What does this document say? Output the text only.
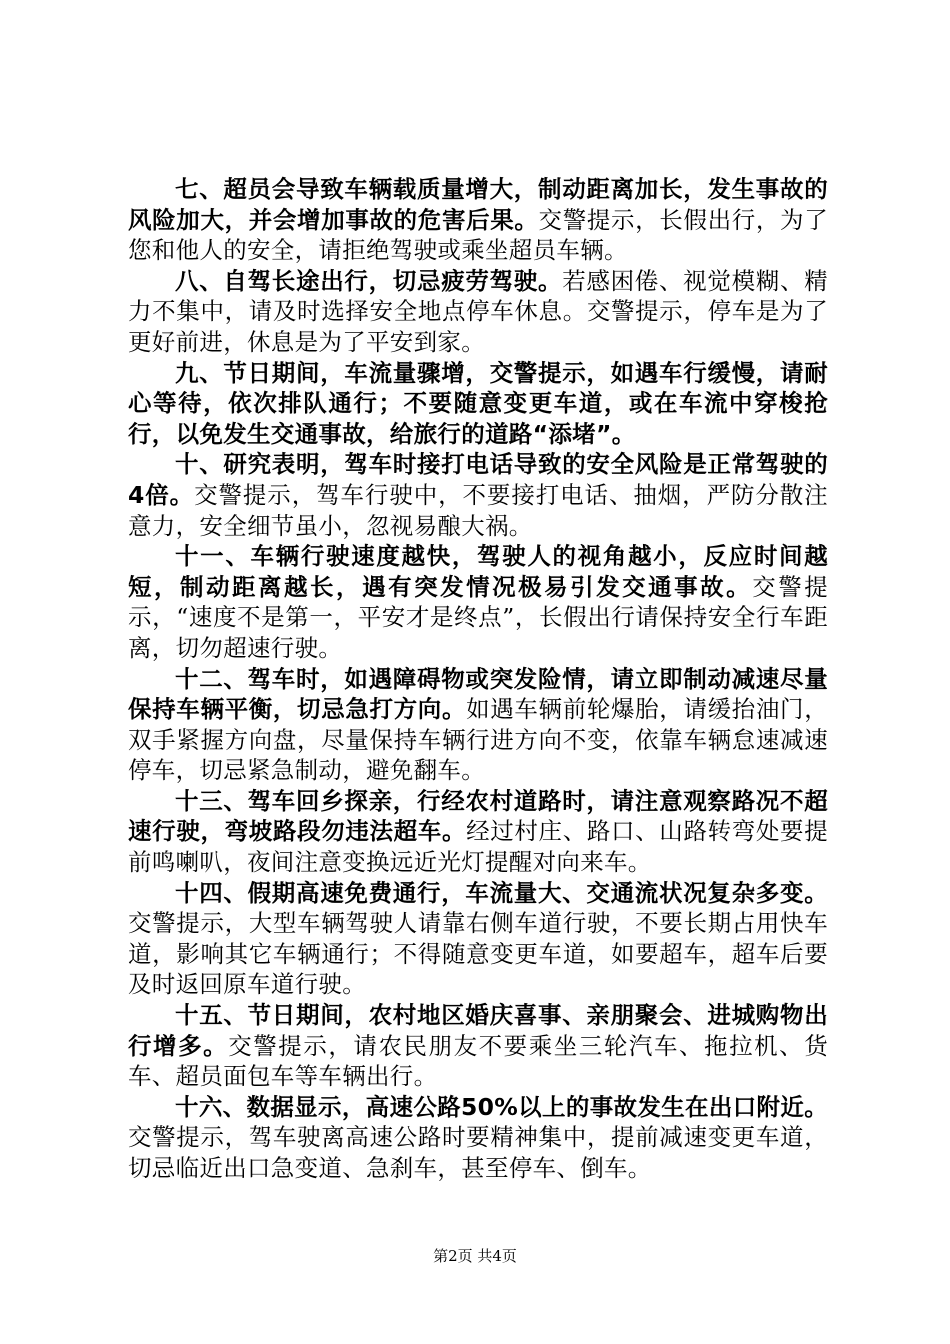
七、超员会导致车辆载质量增大，制动距离加长，发生事故的风险加大，并会增加事故的危害后果。交警提示，长假出行，为了您和他人的安全，请拒绝驾驶或乘坐超员车辆。

八、自驾长途出行，切忌疲劳驾驶。若感困倦、视觉模糊、精力不集中，请及时选择安全地点停车休息。交警提示，停车是为了更好前进，休息是为了平安到家。

九、节日期间，车流量骤增，交警提示，如遇车行缓慢，请耐心等待，依次排队通行；不要随意变更车道，或在车流中穿梭抢行，以免发生交通事故，给旅行的道路“添堵”。

十、研究表明，驾车时接打电话导致的安全风险是正常驾驶的4倍。交警提示，驾车行驶中，不要接打电话、抽烟，严防分散注意力，安全细节虽小，忽视易酿大祸。

十一、车辆行驶速度越快，驾驶人的视角越小，反应时间越短，制动距离越长，遇有突发情况极易引发交通事故。交警提示，“速度不是第一，平安才是终点”，长假出行请保持安全行车距离，切勿超速行驶。

十二、驾车时，如遇障碍物或突发险情，请立即制动减速尽量保持车辆平衡，切忌急打方向。如遇车辆前轮爆胎，请缓抬油门，双手紧握方向盘，尽量保持车辆行进方向不变，依靠车辆怠速减速停车，切忌紧急制动，避免翻车。

十三、驾车回乡探亲，行经农村道路时，请注意观察路况不超速行驶，弯坡路段勿违法超车。经过村庄、路口、山路转弯处要提前鸣喇叭，夜间注意变换远近光灯提醒对向来车。

十四、假期高速免费通行，车流量大、交通流状况复杂多变。交警提示，大型车辆驾驶人请靠右侧车道行驶，不要长期占用快车道，影响其它车辆通行；不得随意变更车道，如要超车，超车后要及时返回原车道行驶。

十五、节日期间，农村地区婚庆喜事、亲朋聚会、进城购物出行增多。交警提示，请农民朋友不要乘坐三轮汽车、拖拉机、货车、超员面包车等车辆出行。

十六、数据显示，高速公路50%以上的事故发生在出口附近。交警提示，驾车驶离高速公路时要精神集中，提前减速变更车道，切忌临近出口急变道、急刹车，甚至停车、倒车。

第2页 共4页
